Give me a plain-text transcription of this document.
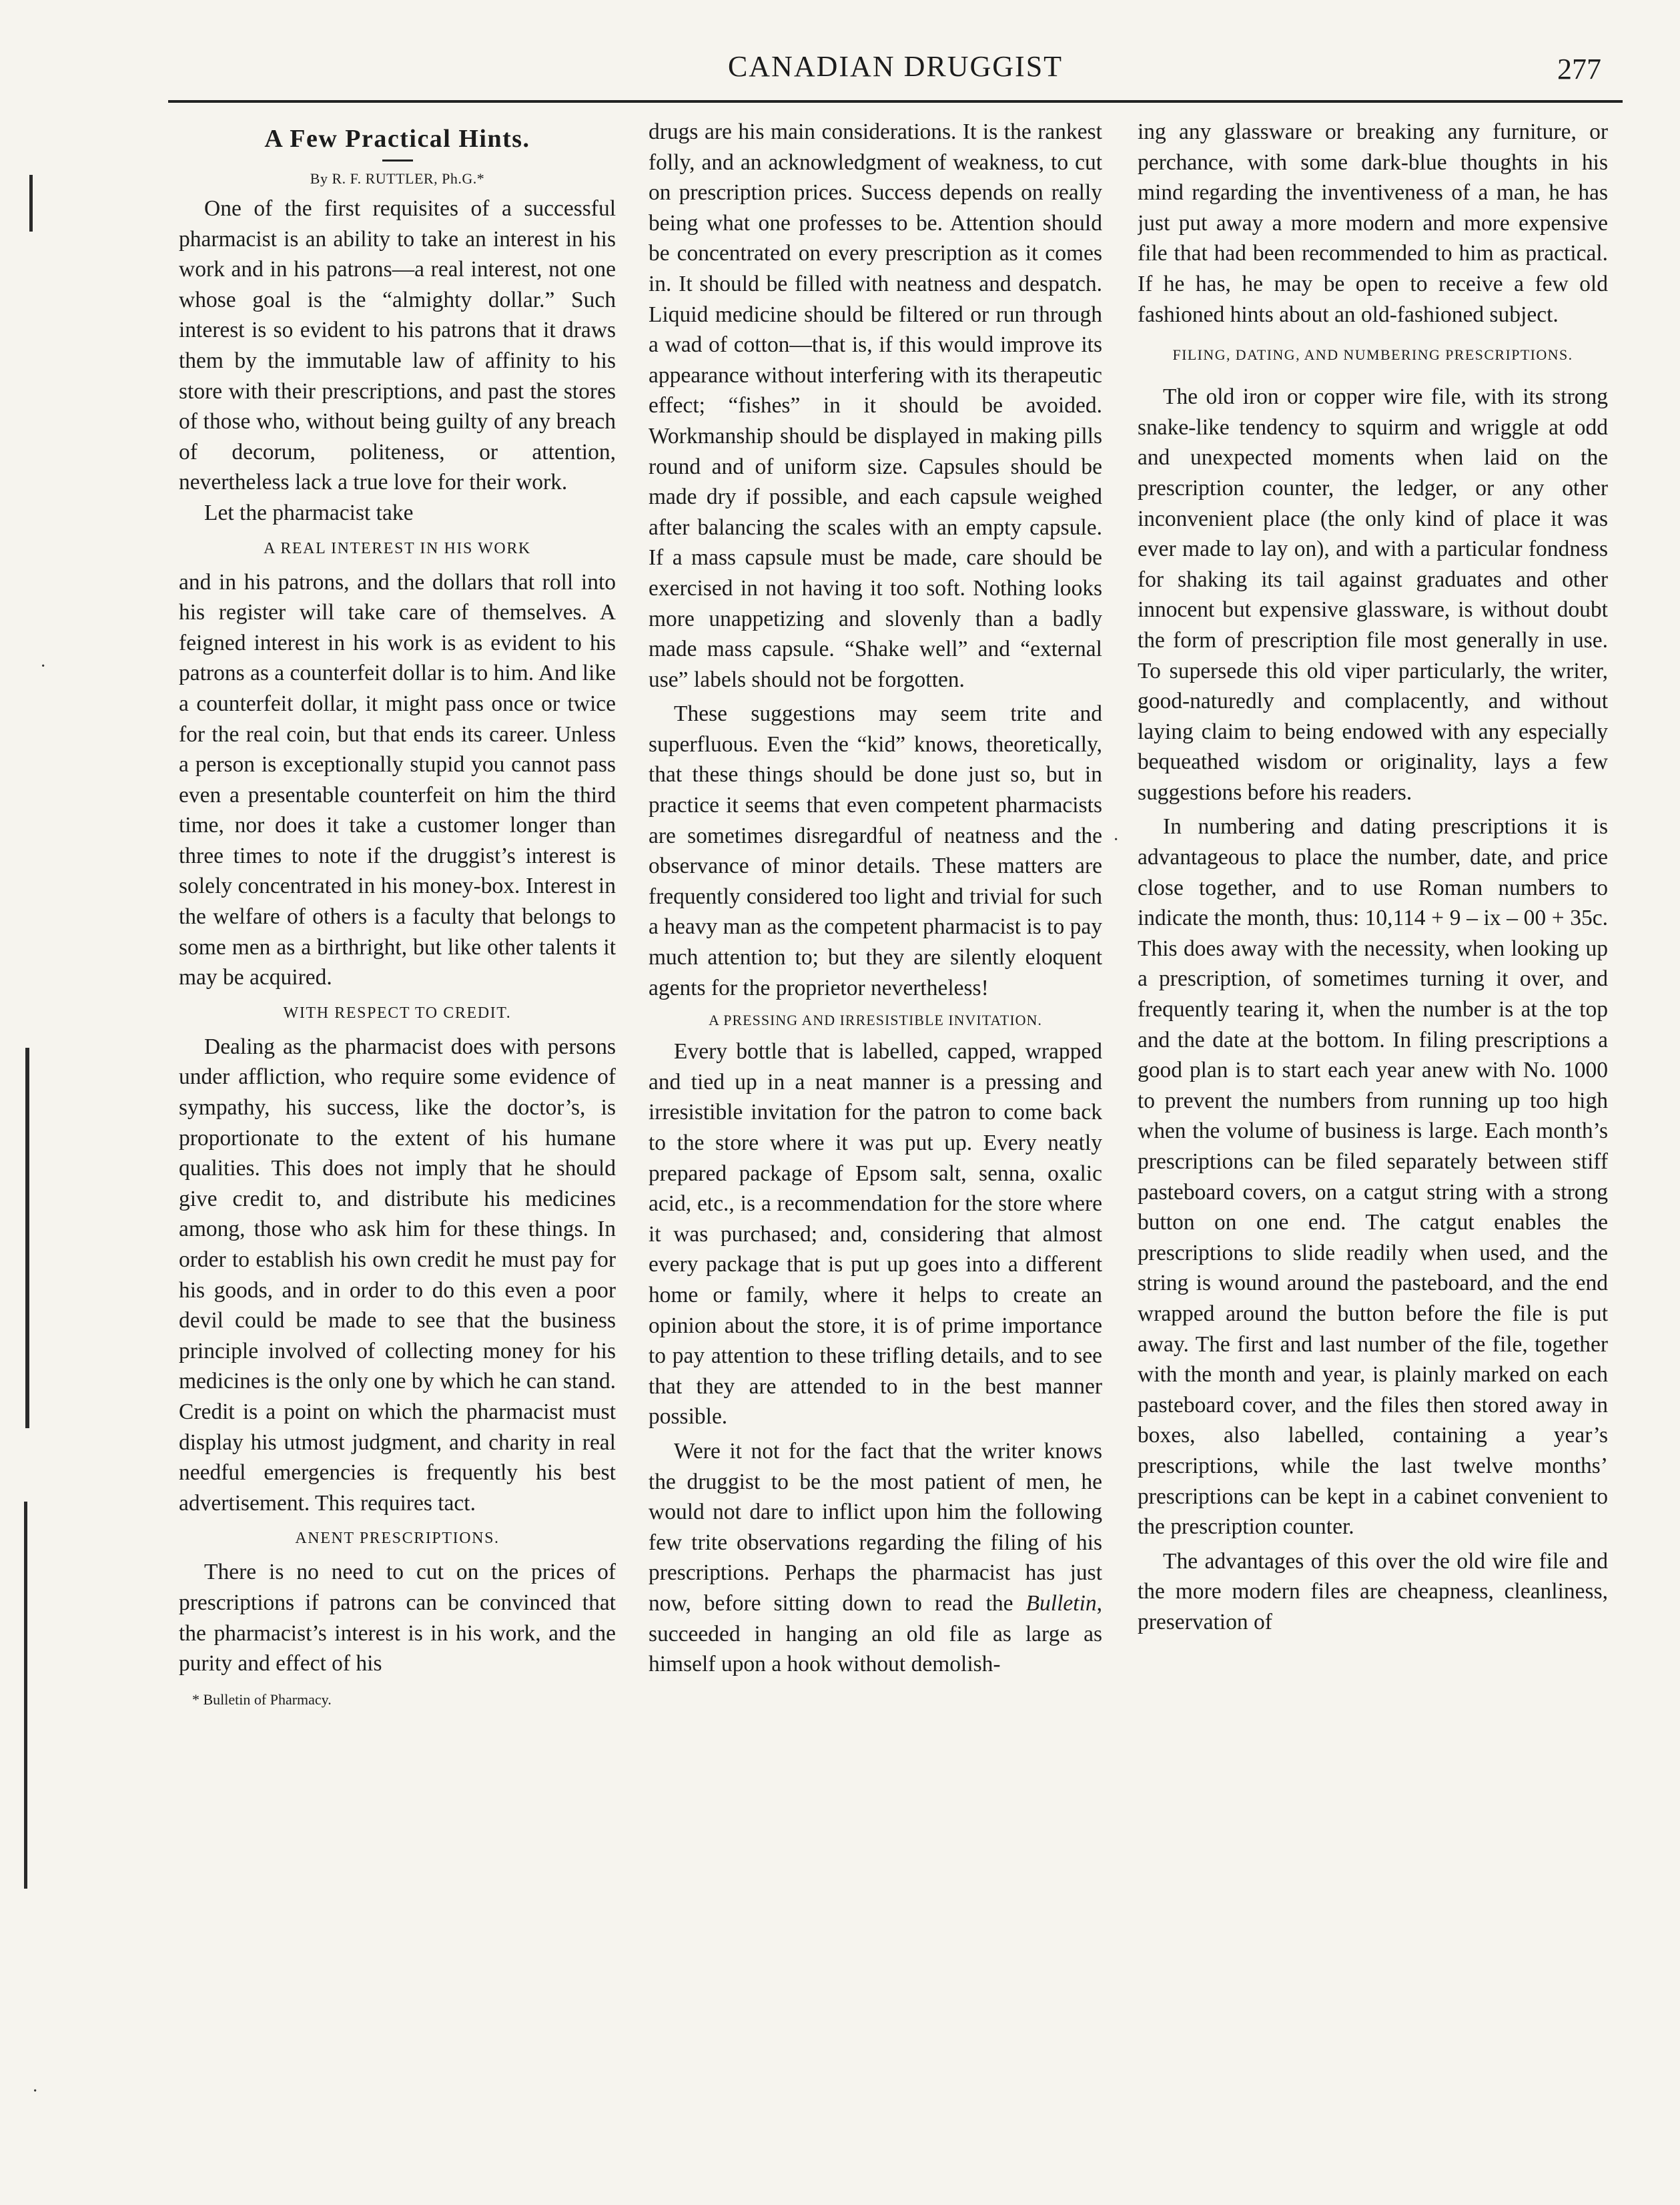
CANADIAN DRUGGIST	277
·
·
·
A Few Practical Hints.
By R. F. RUTTLER, Ph.G.*

One of the first requisites of a successful pharmacist is an ability to take an interest in his work and in his patrons—a real interest, not one whose goal is the “almighty dollar.” Such interest is so evident to his patrons that it draws them by the immutable law of affinity to his store with their prescriptions, and past the stores of those who, without being guilty of any breach of decorum, politeness, or attention, nevertheless lack a true love for their work.

Let the pharmacist take

A REAL INTEREST IN HIS WORK

and in his patrons, and the dollars that roll into his register will take care of themselves. A feigned interest in his work is as evident to his patrons as a counterfeit dollar is to him. And like a counterfeit dollar, it might pass once or twice for the real coin, but that ends its career. Unless a person is exceptionally stupid you cannot pass even a presentable counterfeit on him the third time, nor does it take a customer longer than three times to note if the druggist’s interest is solely concentrated in his money-box. Interest in the welfare of others is a faculty that belongs to some men as a birthright, but like other talents it may be acquired.

WITH RESPECT TO CREDIT.

Dealing as the pharmacist does with persons under affliction, who require some evidence of sympathy, his success, like the doctor’s, is proportionate to the extent of his humane qualities. This does not imply that he should give credit to, and distribute his medicines among, those who ask him for these things. In order to establish his own credit he must pay for his goods, and in order to do this even a poor devil could be made to see that the business principle involved of collecting money for his medicines is the only one by which he can stand. Credit is a point on which the pharmacist must display his utmost judgment, and charity in real needful emergencies is frequently his best advertisement. This requires tact.

ANENT PRESCRIPTIONS.

There is no need to cut on the prices of prescriptions if patrons can be convinced that the pharmacist’s interest is in his work, and the purity and effect of his

* Bulletin of Pharmacy.

drugs are his main considerations. It is the rankest folly, and an acknowledgment of weakness, to cut on prescription prices. Success depends on really being what one professes to be. Attention should be concentrated on every prescription as it comes in. It should be filled with neatness and despatch. Liquid medicine should be filtered or run through a wad of cotton—that is, if this would improve its appearance without interfering with its therapeutic effect; “fishes” in it should be avoided. Workmanship should be displayed in making pills round and of uniform size. Capsules should be made dry if possible, and each capsule weighed after balancing the scales with an empty capsule. If a mass capsule must be made, care should be exercised in not having it too soft. Nothing looks more unappetizing and slovenly than a badly made mass capsule. “Shake well” and “external use” labels should not be forgotten.

These suggestions may seem trite and superfluous. Even the “kid” knows, theoretically, that these things should be done just so, but in practice it seems that even competent pharmacists are sometimes disregardful of neatness and the observance of minor details. These matters are frequently considered too light and trivial for such a heavy man as the competent pharmacist is to pay much attention to; but they are silently eloquent agents for the proprietor nevertheless!

A PRESSING AND IRRESISTIBLE INVITATION.

Every bottle that is labelled, capped, wrapped and tied up in a neat manner is a pressing and irresistible invitation for the patron to come back to the store where it was put up. Every neatly prepared package of Epsom salt, senna, oxalic acid, etc., is a recommendation for the store where it was purchased; and, considering that almost every package that is put up goes into a different home or family, where it helps to create an opinion about the store, it is of prime importance to pay attention to these trifling details, and to see that they are attended to in the best manner possible.

Were it not for the fact that the writer knows the druggist to be the most patient of men, he would not dare to inflict upon him the following few trite observations regarding the filing of his prescriptions. Perhaps the pharmacist has just now, before sitting down to read the Bulletin, succeeded in hanging an old file as large as himself upon a hook without demolish-

ing any glassware or breaking any furniture, or perchance, with some dark-blue thoughts in his mind regarding the inventiveness of a man, he has just put away a more modern and more expensive file that had been recommended to him as practical. If he has, he may be open to receive a few old fashioned hints about an old-fashioned subject.

FILING, DATING, AND NUMBERING PRESCRIPTIONS.

The old iron or copper wire file, with its strong snake-like tendency to squirm and wriggle at odd and unexpected moments when laid on the prescription counter, the ledger, or any other inconvenient place (the only kind of place it was ever made to lay on), and with a particular fondness for shaking its tail against graduates and other innocent but expensive glassware, is without doubt the form of prescription file most generally in use. To supersede this old viper particularly, the writer, good-naturedly and complacently, and without laying claim to being endowed with any especially bequeathed wisdom or originality, lays a few suggestions before his readers.

In numbering and dating prescriptions it is advantageous to place the number, date, and price close together, and to use Roman numbers to indicate the month, thus: 10,114 + 9 – ix – 00 + 35c. This does away with the necessity, when looking up a prescription, of sometimes turning it over, and frequently tearing it, when the number is at the top and the date at the bottom. In filing prescriptions a good plan is to start each year anew with No. 1000 to prevent the numbers from running up too high when the volume of business is large. Each month’s prescriptions can be filed separately between stiff pasteboard covers, on a catgut string with a strong button on one end. The catgut enables the prescriptions to slide readily when used, and the string is wound around the pasteboard, and the end wrapped around the button before the file is put away. The first and last number of the file, together with the month and year, is plainly marked on each pasteboard cover, and the files then stored away in boxes, also labelled, containing a year’s prescriptions, while the last twelve months’ prescriptions can be kept in a cabinet convenient to the prescription counter.

The advantages of this over the old wire file and the more modern files are cheapness, cleanliness, preservation of
